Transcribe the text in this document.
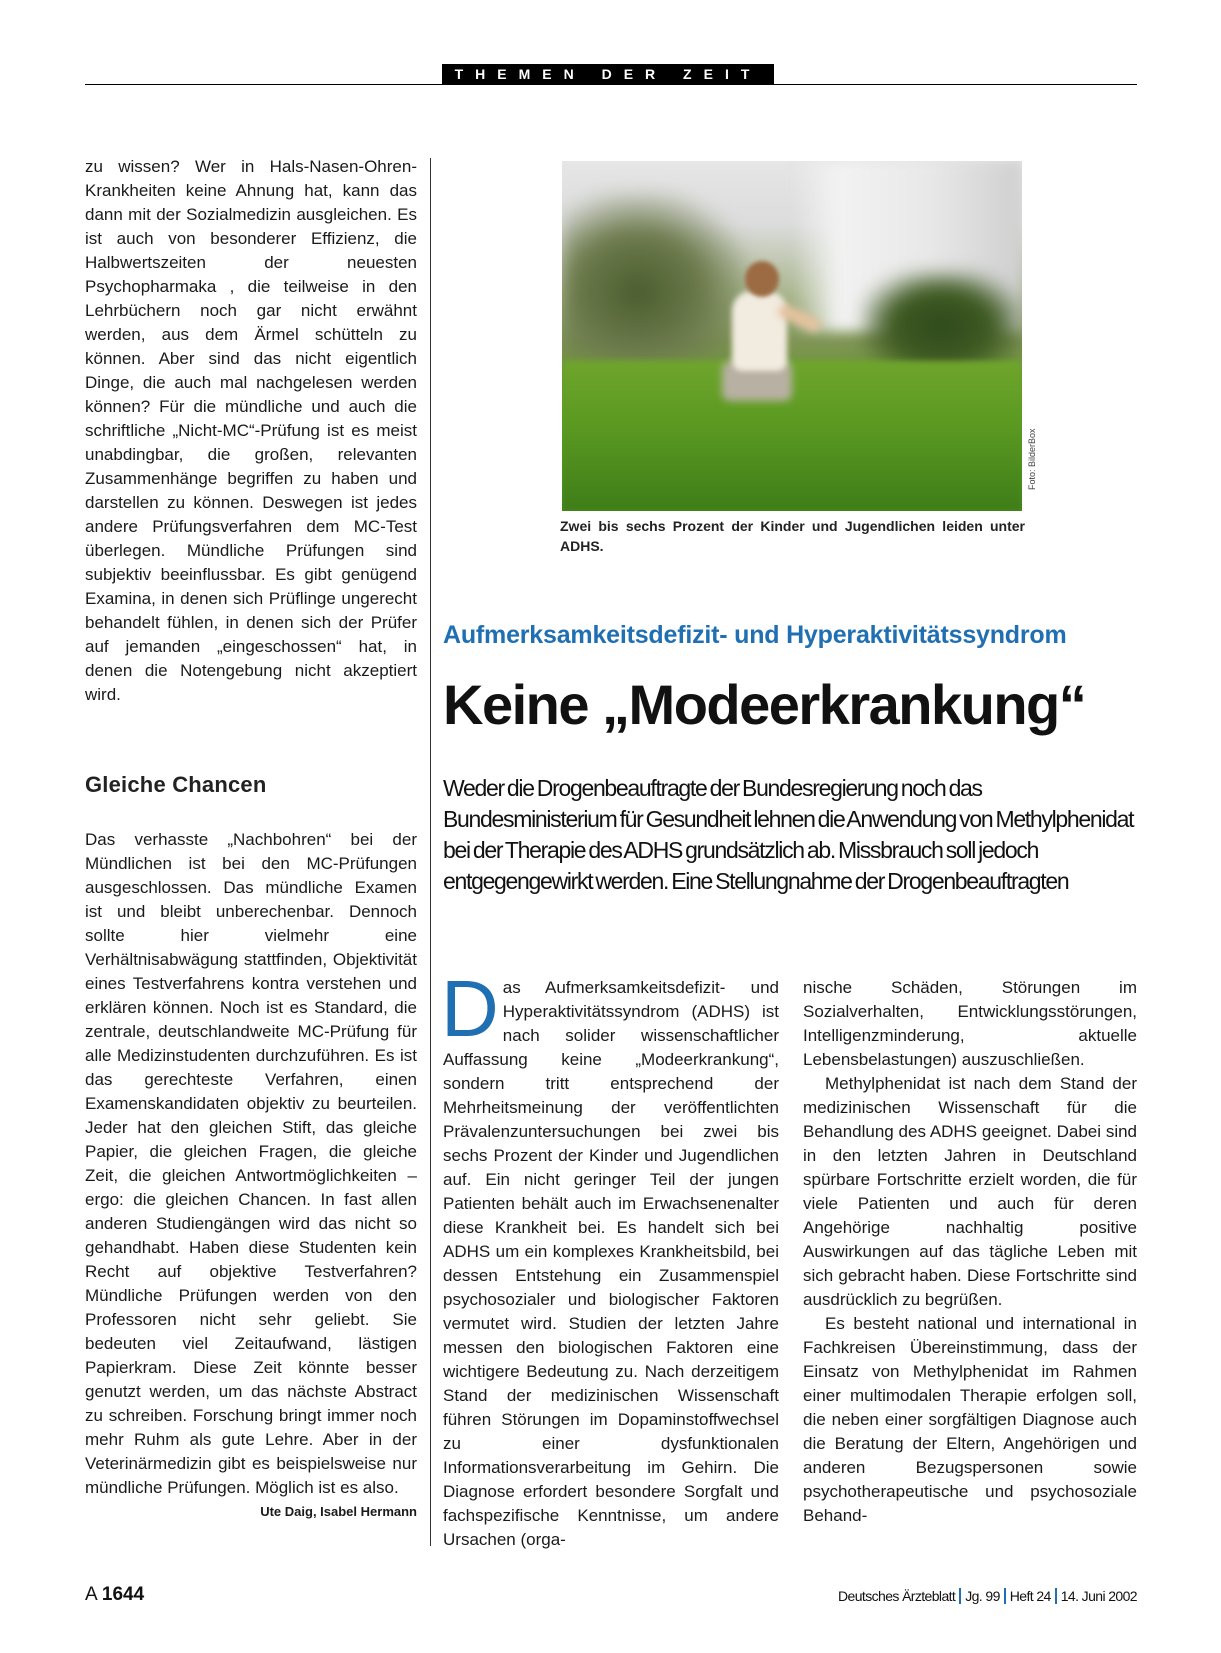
THEMEN DER ZEIT

zu wissen? Wer in Hals-Nasen-Ohren-Krankheiten keine Ahnung hat, kann das dann mit der Sozialmedizin ausgleichen. Es ist auch von besonderer Effizienz, die Halbwertszeiten der neuesten Psychopharmaka , die teilweise in den Lehrbüchern noch gar nicht erwähnt werden, aus dem Ärmel schütteln zu können. Aber sind das nicht eigentlich Dinge, die auch mal nachgelesen werden können? Für die mündliche und auch die schriftliche „Nicht-MC“-Prüfung ist es meist unabdingbar, die großen, relevanten Zusammenhänge begriffen zu haben und darstellen zu können. Deswegen ist jedes andere Prüfungsverfahren dem MC-Test überlegen. Mündliche Prüfungen sind subjektiv beeinflussbar. Es gibt genügend Examina, in denen sich Prüflinge ungerecht behandelt fühlen, in denen sich der Prüfer auf jemanden „eingeschossen“ hat, in denen die Notengebung nicht akzeptiert wird.

Gleiche Chancen

Das verhasste „Nachbohren“ bei der Mündlichen ist bei den MC-Prüfungen ausgeschlossen. Das mündliche Examen ist und bleibt unberechenbar. Dennoch sollte hier vielmehr eine Verhältnisabwägung stattfinden, Objektivität eines Testverfahrens kontra verstehen und erklären können. Noch ist es Standard, die zentrale, deutschlandweite MC-Prüfung für alle Medizinstudenten durchzuführen. Es ist das gerechteste Verfahren, einen Examenskandidaten objektiv zu beurteilen. Jeder hat den gleichen Stift, das gleiche Papier, die gleichen Fragen, die gleiche Zeit, die gleichen Antwortmöglichkeiten – ergo: die gleichen Chancen. In fast allen anderen Studiengängen wird das nicht so gehandhabt. Haben diese Studenten kein Recht auf objektive Testverfahren? Mündliche Prüfungen werden von den Professoren nicht sehr geliebt. Sie bedeuten viel Zeitaufwand, lästigen Papierkram. Diese Zeit könnte besser genutzt werden, um das nächste Abstract zu schreiben. Forschung bringt immer noch mehr Ruhm als gute Lehre. Aber in der Veterinärmedizin gibt es beispielsweise nur mündliche Prüfungen. Möglich ist es also.
Ute Daig, Isabel Hermann

Foto: BilderBox

Zwei bis sechs Prozent der Kinder und Jugendlichen leiden unter ADHS.

Aufmerksamkeitsdefizit- und Hyperaktivitätssyndrom
Keine „Modeerkrankung“

Weder die Drogenbeauftragte der Bundesregierung noch das Bundesministerium für Gesundheit lehnen die Anwendung von Methylphenidat bei der Therapie des ADHS grundsätzlich ab. Missbrauch soll jedoch entgegengewirkt werden. Eine Stellungnahme der Drogenbeauftragten

Das Aufmerksamkeitsdefizit- und Hyperaktivitätssyndrom (ADHS) ist nach solider wissenschaftlicher Auffassung keine „Modeerkrankung“, sondern tritt entsprechend der Mehrheitsmeinung der veröffentlichten Prävalenzuntersuchungen bei zwei bis sechs Prozent der Kinder und Jugendlichen auf. Ein nicht geringer Teil der jungen Patienten behält auch im Erwachsenenalter diese Krankheit bei. Es handelt sich bei ADHS um ein komplexes Krankheitsbild, bei dessen Entstehung ein Zusammenspiel psychosozialer und biologischer Faktoren vermutet wird. Studien der letzten Jahre messen den biologischen Faktoren eine wichtigere Bedeutung zu. Nach derzeitigem Stand der medizinischen Wissenschaft führen Störungen im Dopaminstoffwechsel zu einer dysfunktionalen Informationsverarbeitung im Gehirn. Die Diagnose erfordert besondere Sorgfalt und fachspezifische Kenntnisse, um andere Ursachen (orga-

nische Schäden, Störungen im Sozialverhalten, Entwicklungsstörungen, Intelligenzminderung, aktuelle Lebensbelastungen) auszuschließen.

Methylphenidat ist nach dem Stand der medizinischen Wissenschaft für die Behandlung des ADHS geeignet. Dabei sind in den letzten Jahren in Deutschland spürbare Fortschritte erzielt worden, die für viele Patienten und auch für deren Angehörige nachhaltig positive Auswirkungen auf das tägliche Leben mit sich gebracht haben. Diese Fortschritte sind ausdrücklich zu begrüßen.

Es besteht national und international in Fachkreisen Übereinstimmung, dass der Einsatz von Methylphenidat im Rahmen einer multimodalen Therapie erfolgen soll, die neben einer sorgfältigen Diagnose auch die Beratung der Eltern, Angehörigen und anderen Bezugspersonen sowie psychotherapeutische und psychosoziale Behand-

A 1644	Deutsches Ärzteblatt Jg. 99 Heft 24 14. Juni 2002
